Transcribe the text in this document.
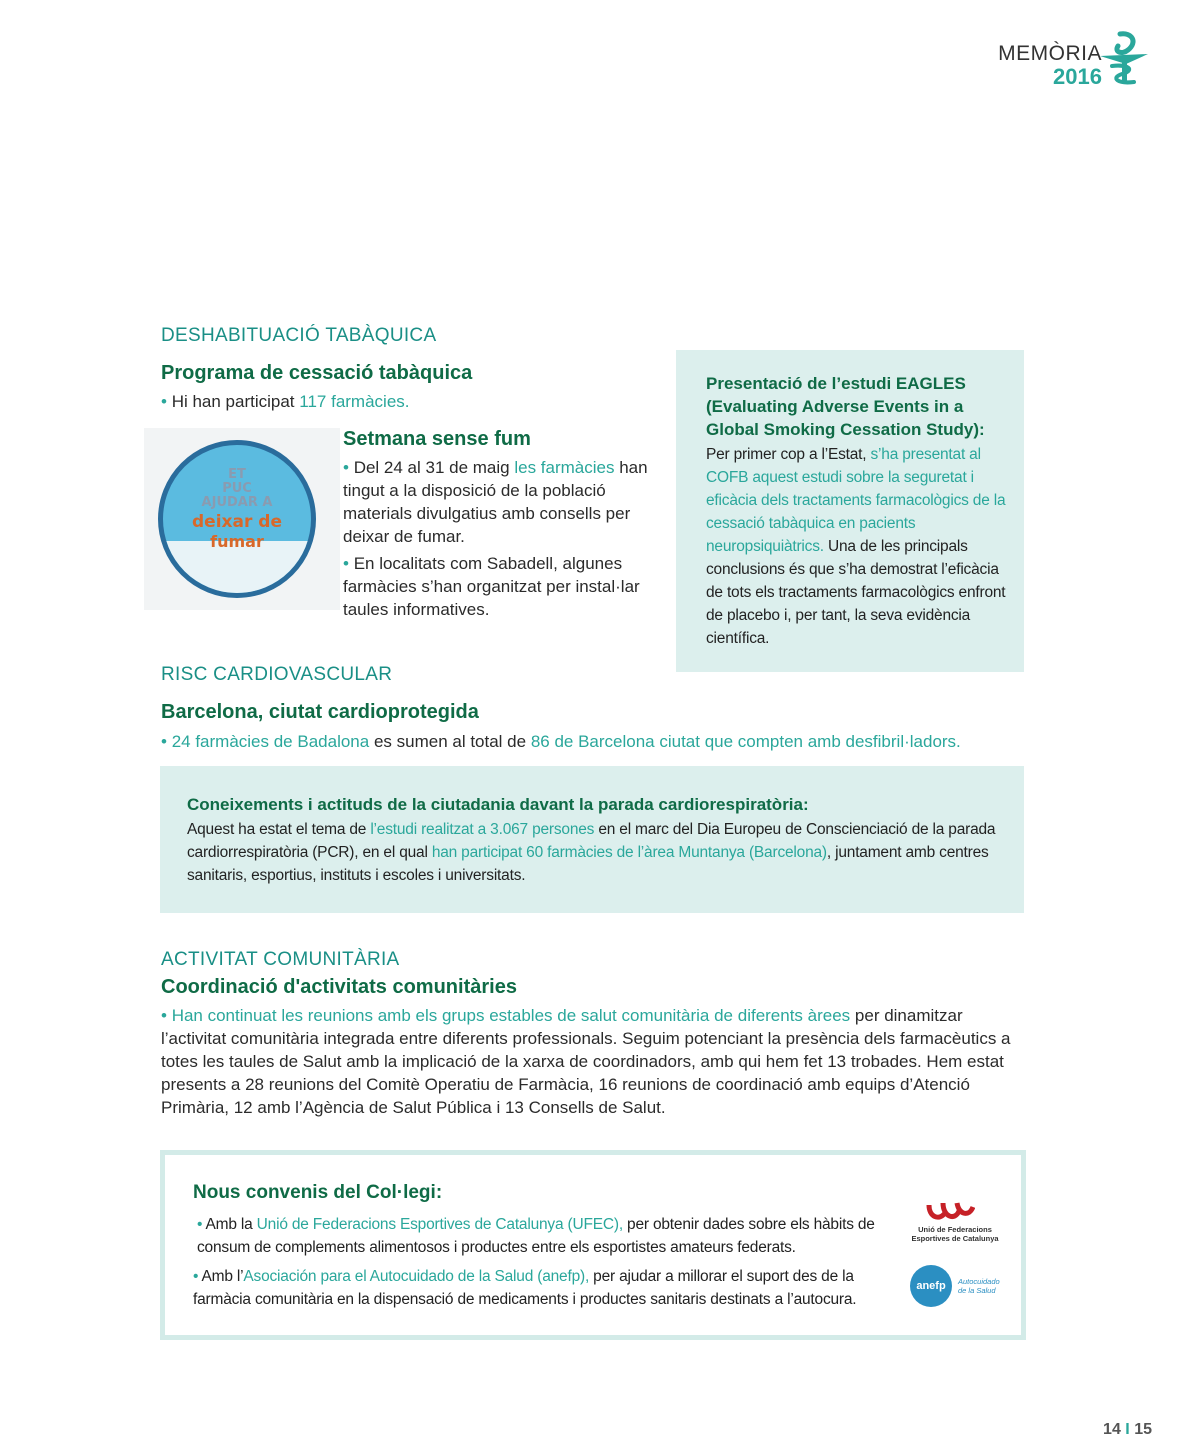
MEMÒRIA
2016
DESHABITUACIÓ TABÀQUICA
Programa de cessació tabàquica
• Hi han participat 117 farmàcies.
ET
PUC
AJUDAR A
deixar de
fumar
Setmana sense fum
• Del 24 al 31 de maig les farmàcies han tingut a la disposició de la població materials divulgatius amb consells per deixar de fumar.
• En localitats com Sabadell, algunes farmàcies s’han organitzat per instal·lar taules informatives.
Presentació de l’estudi EAGLES (Evaluating Adverse Events in a Global Smoking Cessation Study):
Per primer cop a l’Estat, s’ha presentat al COFB aquest estudi sobre la seguretat i eficàcia dels tractaments farmacològics de la cessació tabàquica en pacients neuropsiquiàtrics. Una de les principals conclusions és que s’ha demostrat l’eficàcia de tots els tractaments farmacològics enfront de placebo i, per tant, la seva evidència científica.
RISC CARDIOVASCULAR
Barcelona, ciutat cardioprotegida
• 24 farmàcies de Badalona es sumen al total de 86 de Barcelona ciutat que compten amb desfibril·ladors.
Coneixements i actituds de la ciutadania davant la parada cardiorespiratòria:
Aquest ha estat el tema de l’estudi realitzat a 3.067 persones en el marc del Dia Europeu de Conscienciació de la parada cardiorrespiratòria (PCR), en el qual han participat 60 farmàcies de l’àrea Muntanya (Barcelona), juntament amb centres sanitaris, esportius, instituts i escoles i universitats.
ACTIVITAT COMUNITÀRIA
Coordinació d'activitats comunitàries
• Han continuat les reunions amb els grups estables de salut comunitària de diferents àrees per dinamitzar l’activitat comunitària integrada entre diferents professionals. Seguim potenciant la presència dels farmacèutics a totes les taules de Salut amb la implicació de la xarxa de coordinadors, amb qui hem fet 13 trobades. Hem estat presents a 28 reunions del Comitè Operatiu de Farmàcia, 16 reunions de coordinació amb equips d’Atenció Primària, 12 amb l’Agència de Salut Pública i 13 Consells de Salut.
Nous convenis del Col·legi:
• Amb la Unió de Federacions Esportives de Catalunya (UFEC), per obtenir dades sobre els hàbits de consum de complements alimentosos i productes entre els esportistes amateurs federats.
• Amb l’Asociación para el Autocuidado de la Salud (anefp), per ajudar a millorar el suport des de la farmàcia comunitària en la dispensació de medicaments i productes sanitaris destinats a l’autocura.
Unió de Federacions
Esportives de Catalunya
anefp	Autocuidado
de la Salud
14 I 15
